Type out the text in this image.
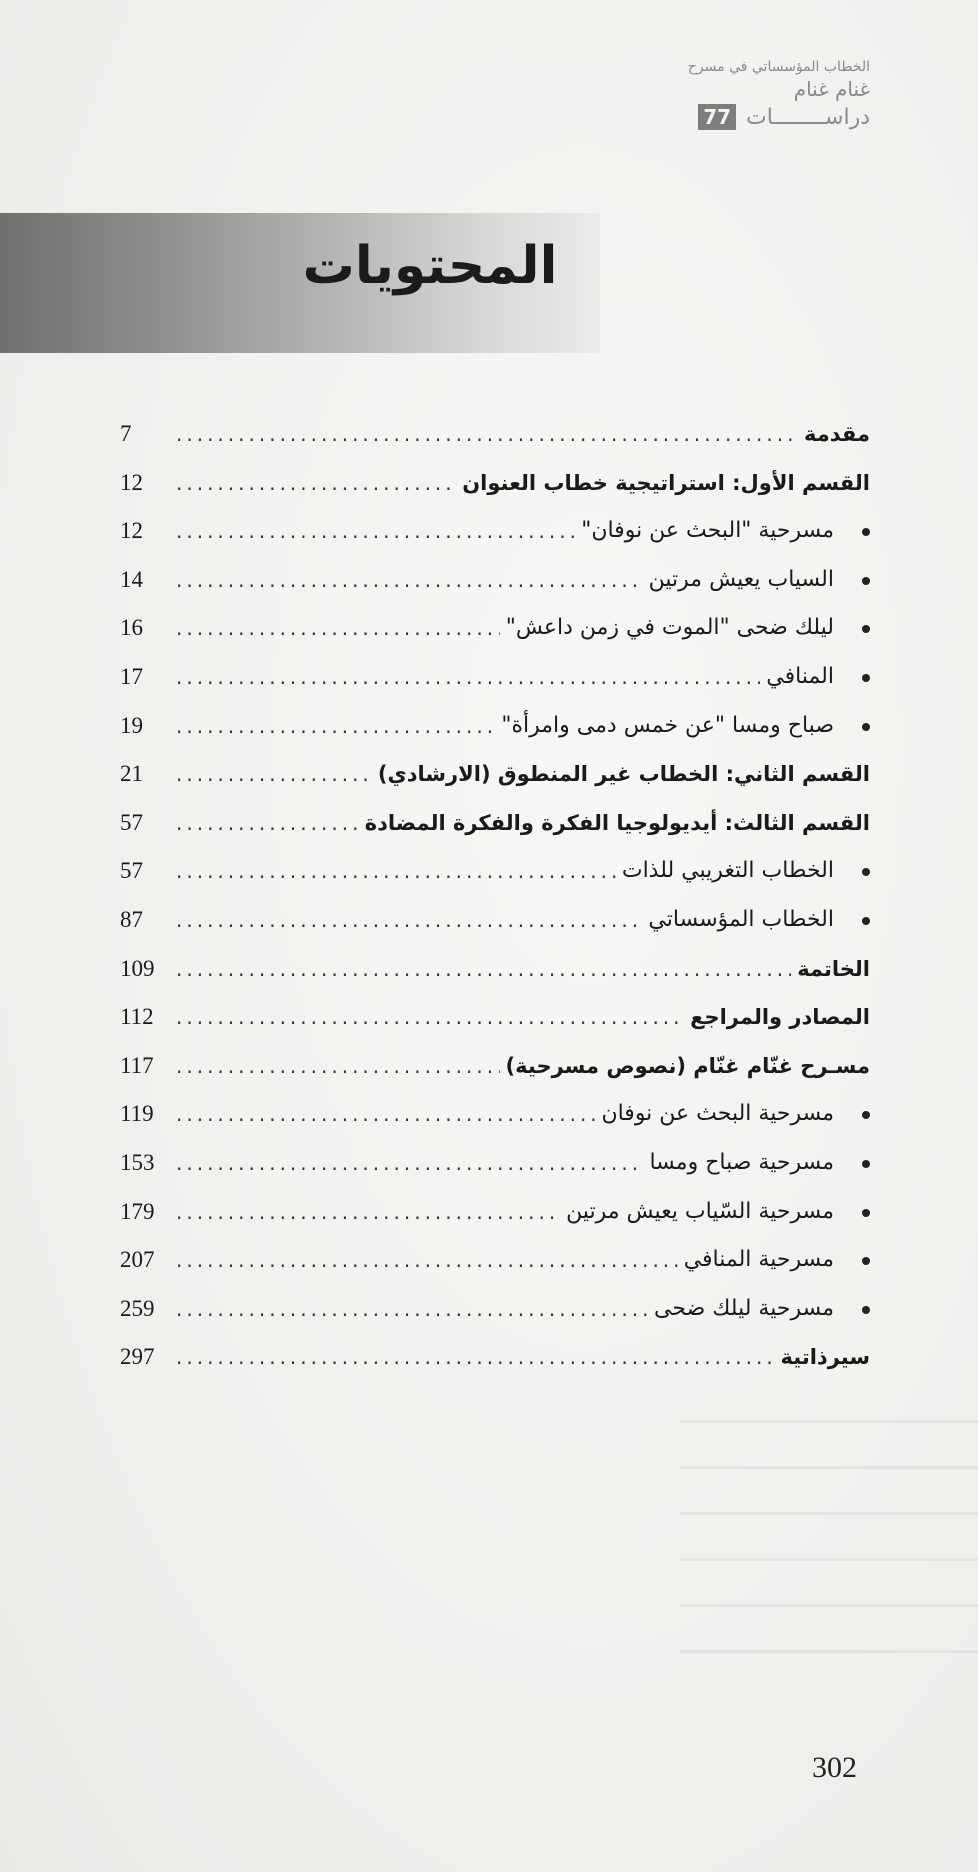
الخطاب المؤسساتي في مسرح
غنام غنام
دراســــــــات
77
المحتويات
مقدمة
.....
7
القسم الأول: استراتيجية خطاب العنوان
.....
12
مسرحية "البحث عن نوفان"
.....
12
السياب يعيش مرتين
.....
14
ليلك ضحى "الموت في زمن داعش"
.....
16
المنافي
.....
17
صباح ومسا "عن خمس دمى وامرأة"
.....
19
القسم الثاني: الخطاب غير المنطوق (الارشادي)
.....
21
القسم الثالث: أيديولوجيا الفكرة والفكرة المضادة
.....
57
الخطاب التغريبي للذات
.....
57
الخطاب المؤسساتي
.....
87
الخاتمة
.....
109
المصادر والمراجع
.....
112
مسـرح غنّام غنّام (نصوص مسرحية)
.....
117
مسرحية البحث عن نوفان
.....
119
مسرحية صباح ومسا
.....
153
مسرحية السّياب يعيش مرتين
.....
179
مسرحية المنافي
.....
207
مسرحية ليلك ضحى
.....
259
سيرذاتية
.....
297
302
